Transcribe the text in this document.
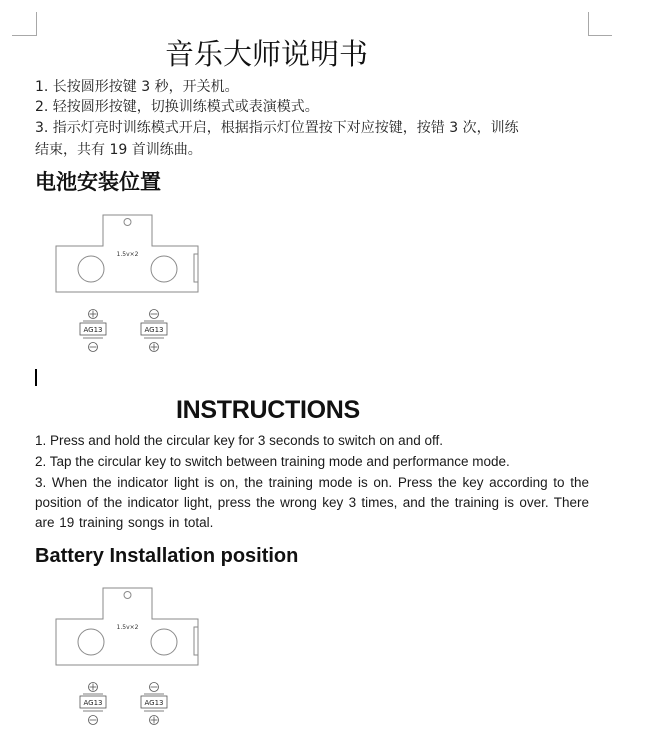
音乐大师说明书
1. 长按圆形按键 3 秒，开关机。
2. 轻按圆形按键，切换训练模式或表演模式。
3. 指示灯亮时训练模式开启，根据指示灯位置按下对应按键，按错 3 次，训练
结束，共有 19 首训练曲。
电池安装位置
1.5v×2
AG13	AG13
INSTRUCTIONS
1. Press and hold the circular key for 3 seconds to switch on and off.
2. Tap the circular key to switch between training mode and performance mode.
3. When the indicator light is on, the training mode is on. Press the key according to the position of the indicator light, press the wrong key 3 times, and the training is over. There are 19 training songs in total.
Battery Installation position
1.5v×2
AG13	AG13
